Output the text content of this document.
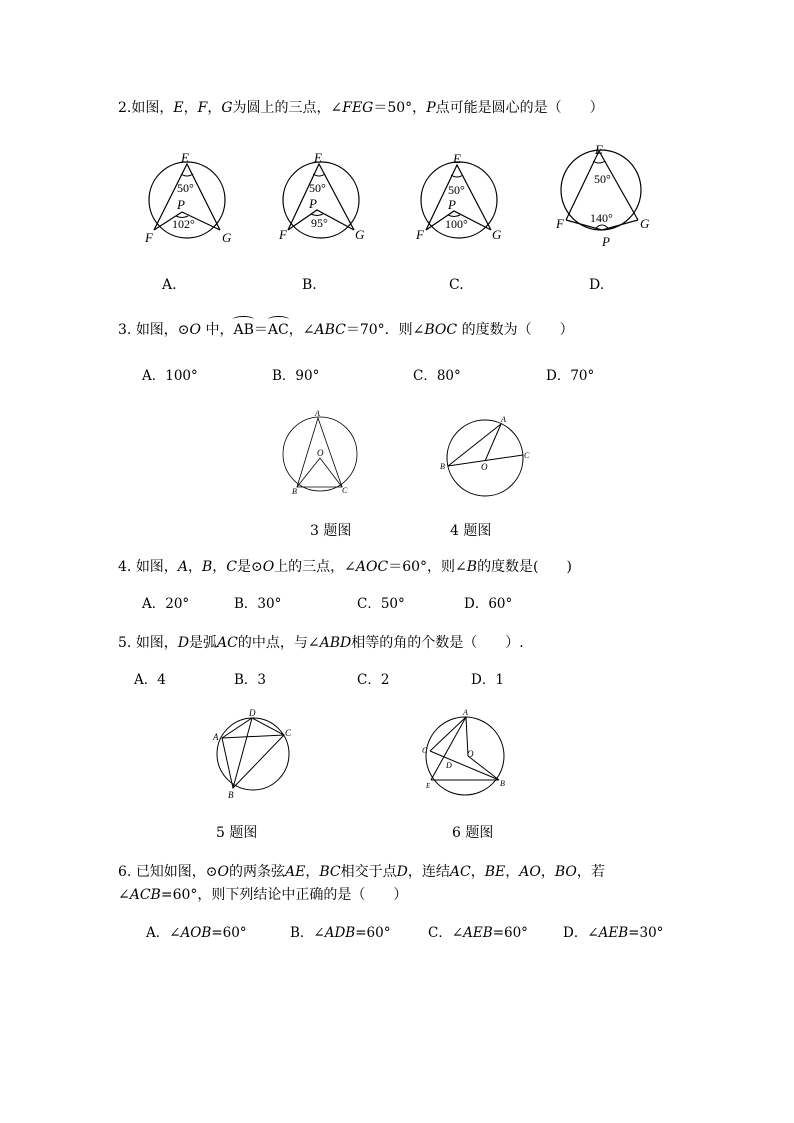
2.如图，E，F，G为圆上的三点，∠FEG＝50°，P点可能是圆心的是（　　）
E
F	G
P
50°
102°
A.
E
F	G
P
50°
95°
B.
E
F	G
P
50°
100°
C.
E
F	G
P
50°
140°
D.
3. 如图，⊙O 中，AB＝AC，∠ABC＝70°．则∠BOC 的度数为（　　）
A．100°	B．90°	C．80°	D．70°
A
B	C
O
3 题图
A
B
C
O
4 题图
4. 如图，A，B，C是⊙O上的三点，∠AOC＝60°，则∠B的度数是(　　)
A．20°	B．30°	C．50°	D．60°
5. 如图，D是弧AC的中点，与∠ABD相等的角的个数是（　　）.
A．4	B．3	C．2	D．1
A
B
C
D
5 题图
A
B
C
D
E
O
6 题图
6. 已知如图，⊙O的两条弦AE，BC相交于点D，连结AC，BE，AO，BO，若
∠ACB=60°，则下列结论中正确的是（　　）
A．∠AOB=60°	B．∠ADB=60°	C．∠AEB=60°	D．∠AEB=30°
